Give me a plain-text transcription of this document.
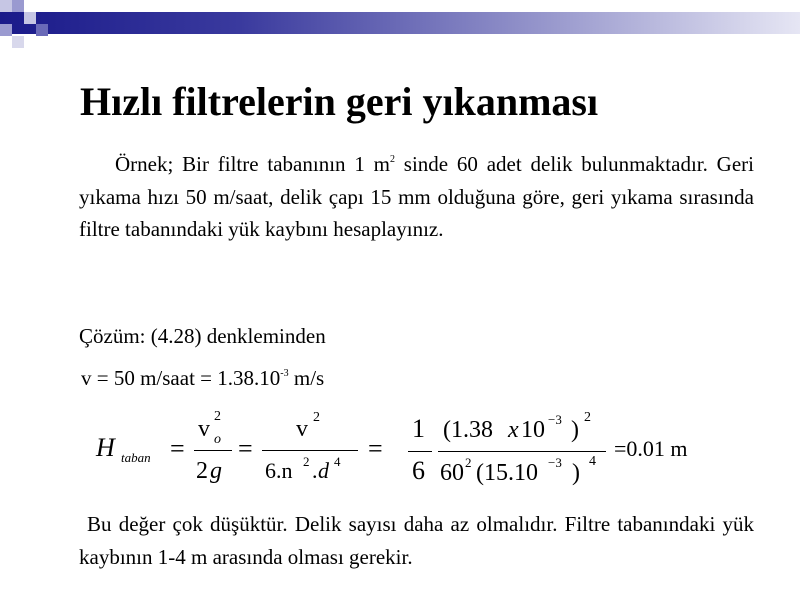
Hızlı filtrelerin geri yıkanması
Örnek; Bir filtre tabanının 1 $m^2$ sinde 60 adet delik bulunmaktadır. Geri yıkama hızı 50 m/saat, delik çapı 15 mm olduğuna göre, geri yıkama sırasında filtre tabanındaki yük kaybını hesaplayınız.
Çözüm: (4.28) denkleminden
v = 50 m/saat = $1.38.10^{-3}$ m/s
H taban =
v 2
o
2 g
=
v 2
6.n 2 . d 4 =
1
6
(1.38 x 10 −3 ) 2
60 2 (15.10 −3 ) 4
=0.01 m
Bu değer çok düşüktür. Delik sayısı daha az olmalıdır. Filtre tabanındaki yük kaybının 1-4 m arasında olması gerekir.
